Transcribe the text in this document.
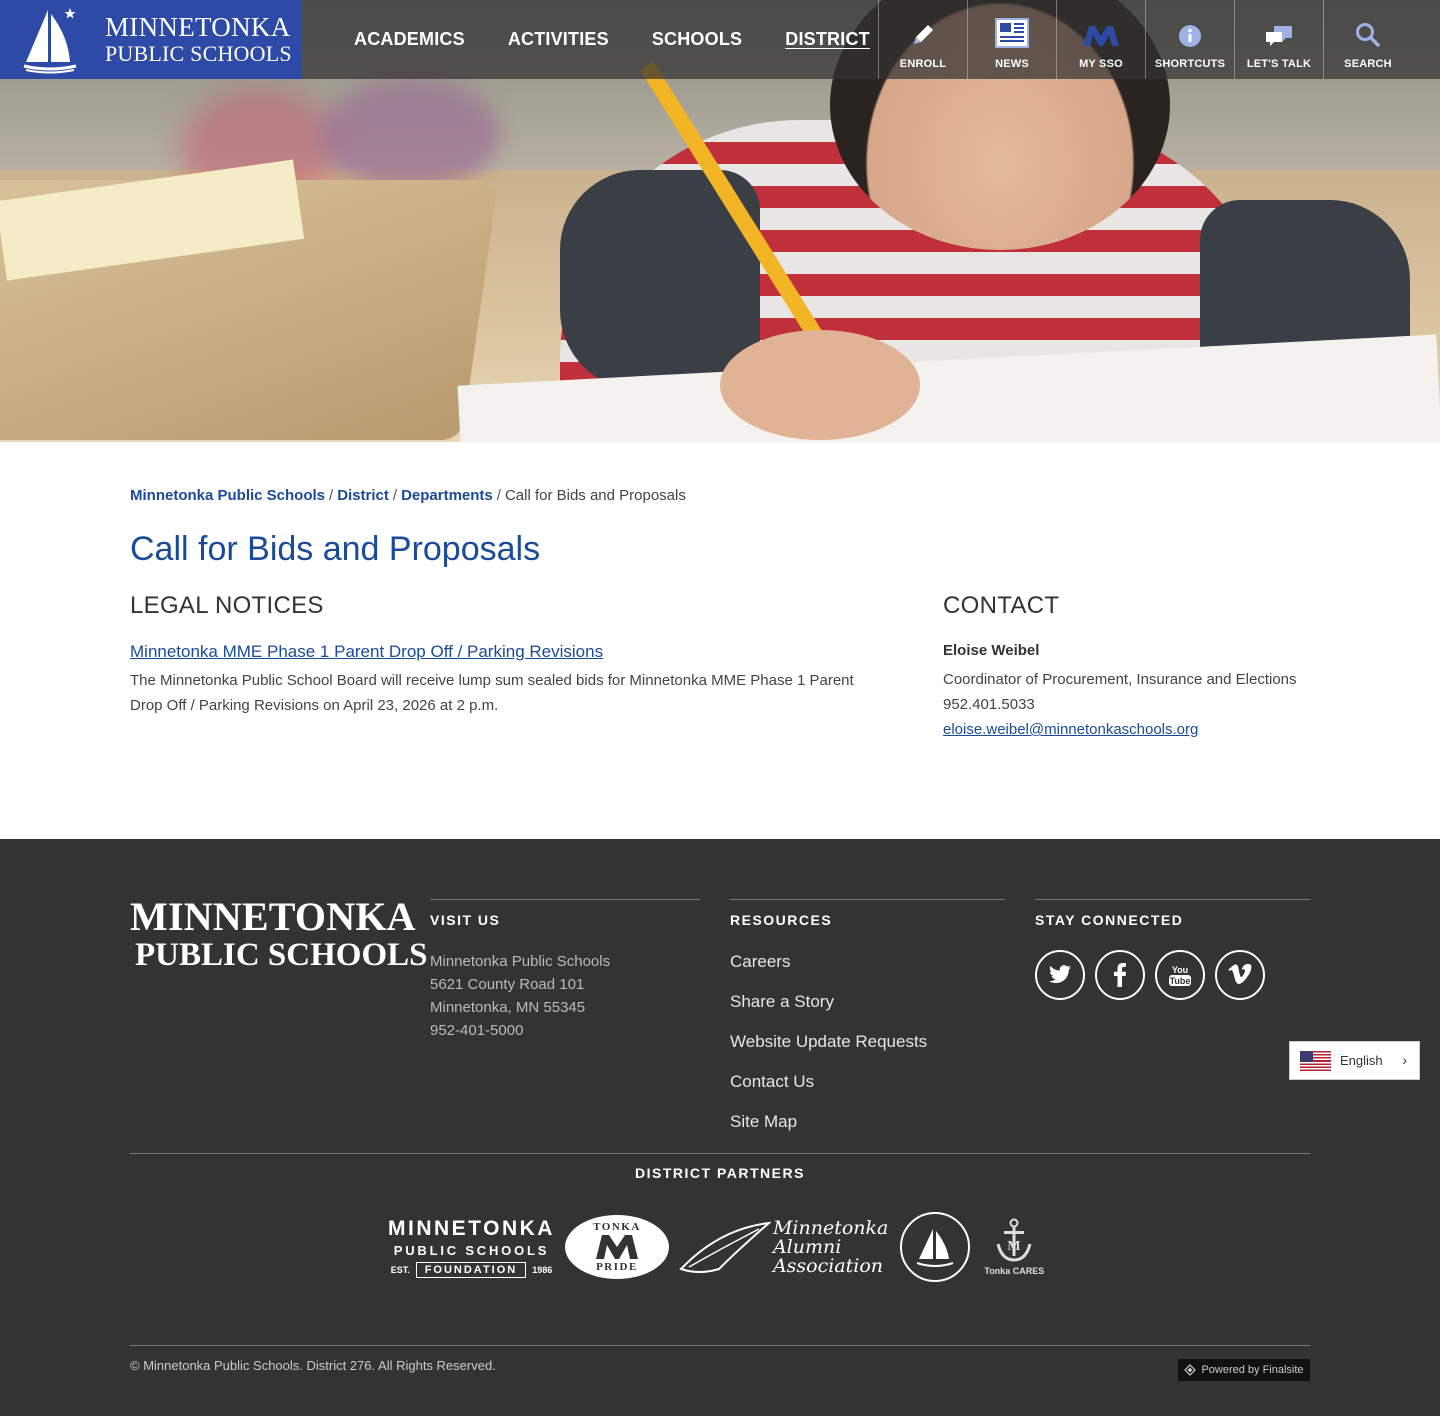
MINNETONKA
PUBLIC SCHOOLS
ACADEMICS ACTIVITIES SCHOOLS DISTRICT
ENROLL	NEWS	MY SSO	SHORTCUTS LET'S TALK	SEARCH
Minnetonka Public Schools / District / Departments / Call for Bids and Proposals
Call for Bids and Proposals
LEGAL NOTICES
Minnetonka MME Phase 1 Parent Drop Off / Parking Revisions

The Minnetonka Public School Board will receive lump sum sealed bids for Minnetonka MME Phase 1 Parent Drop Off / Parking Revisions on April 23, 2026 at 2 p.m.

CONTACT
Eloise Weibel
Coordinator of Procurement, Insurance and Elections
952.401.5033
eloise.weibel@minnetonkaschools.org
MINNETONKA
PUBLIC SCHOOLS
VISIT US

Minnetonka Public Schools

5621 County Road 101

Minnetonka, MN 55345

952-401-5000

RESOURCES
Careers
Share a Story
Website Update Requests
Contact Us
Site Map
STAY CONNECTED
You
Tube
DISTRICT PARTNERS
MINNETONKA
PUBLIC SCHOOLS
EST.	FOUNDATION	1986
TONKA
PRIDE
Minnetonka
Alumni
Association
M
Tonka CARES
© Minnetonka Public Schools. District 276. All Rights Reserved.	Powered by Finalsite
English ›
